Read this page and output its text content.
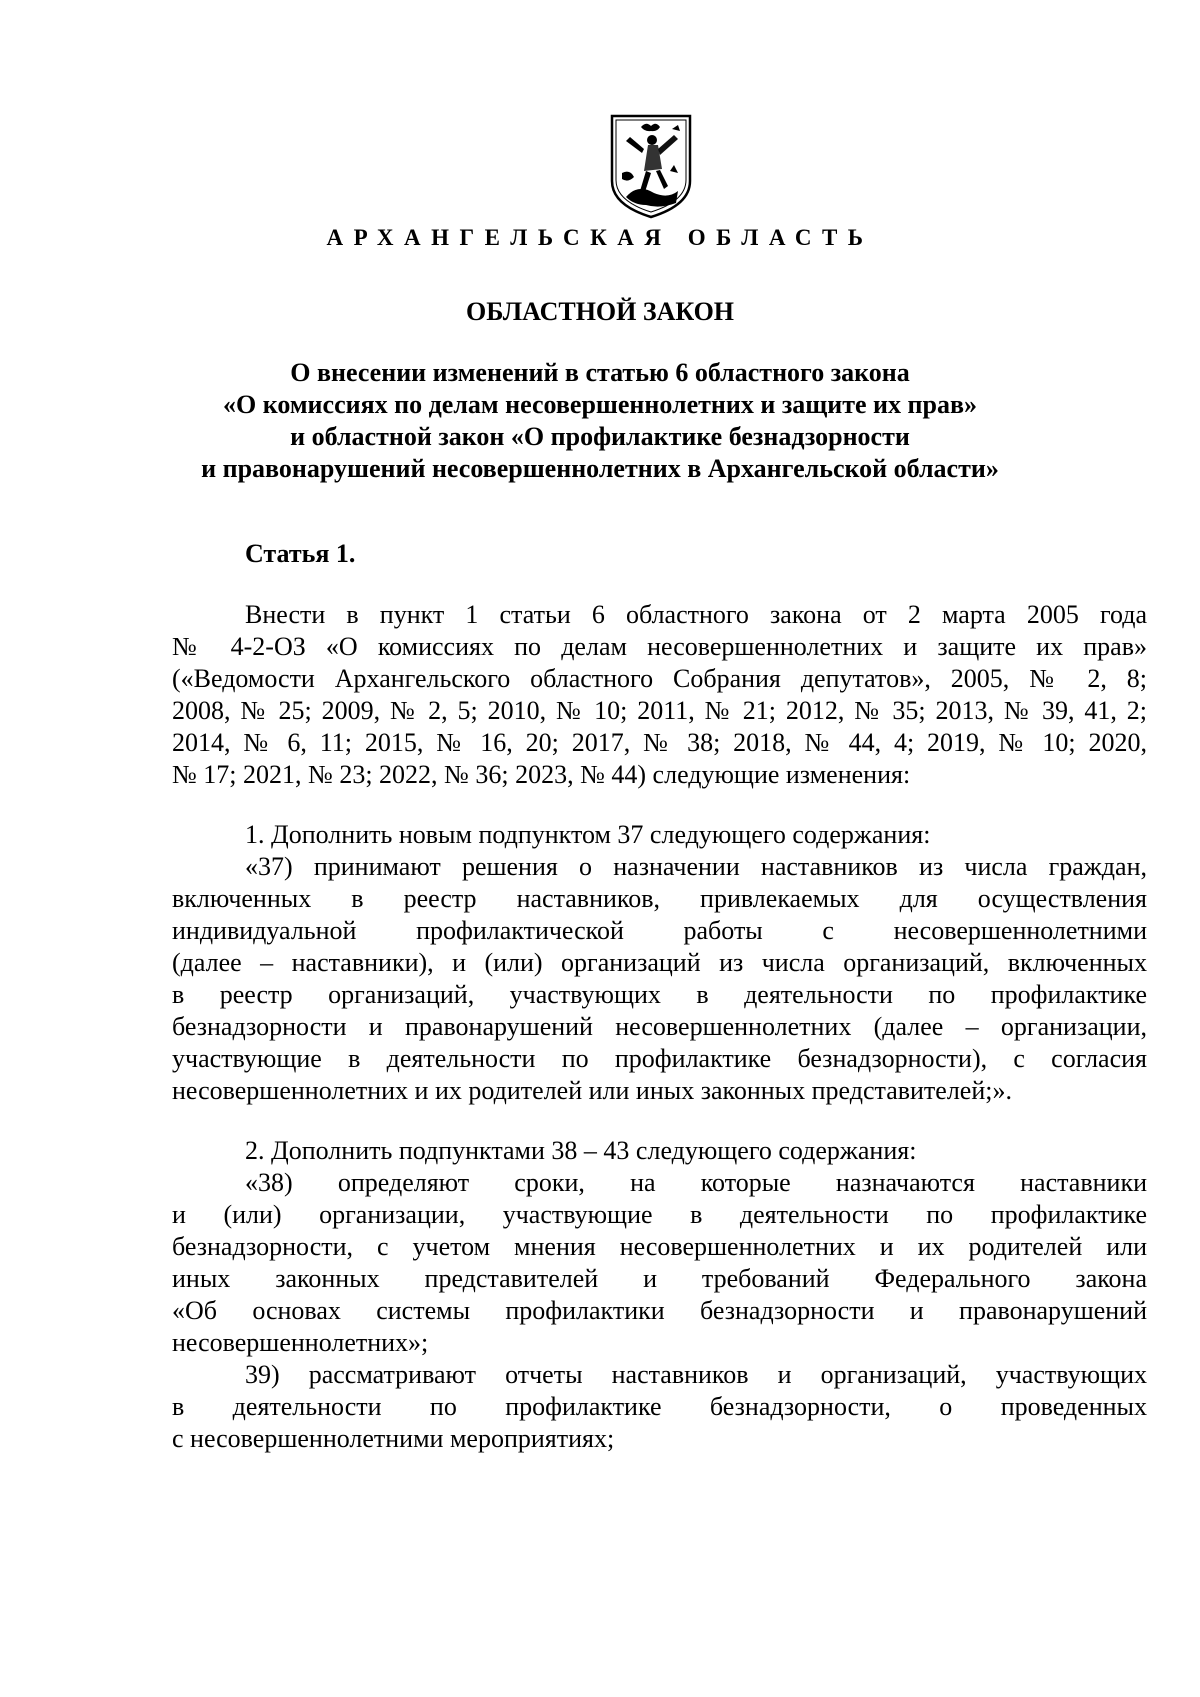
АРХАНГЕЛЬСКАЯ ОБЛАСТЬ
ОБЛАСТНОЙ ЗАКОН
О внесении изменений в статью 6 областного закона
«О комиссиях по делам несовершеннолетних и защите их прав»
и областной закон «О профилактике безнадзорности
и правонарушений несовершеннолетних в Архангельской области»
Статья 1.
Внести в пункт 1 статьи 6 областного закона от 2 марта 2005 года
№ 4-2-ОЗ «О комиссиях по делам несовершеннолетних и защите их прав»
(«Ведомости Архангельского областного Собрания депутатов», 2005, № 2, 8;
2008, № 25; 2009, № 2, 5; 2010, № 10; 2011, № 21; 2012, № 35; 2013, № 39, 41, 2;
2014, № 6, 11; 2015, № 16, 20; 2017, № 38; 2018, № 44, 4; 2019, № 10; 2020,
№ 17; 2021, № 23; 2022, № 36; 2023, № 44) следующие изменения:
1. Дополнить новым подпунктом 37 следующего содержания:
«37) принимают решения о назначении наставников из числа граждан,
включенных в реестр наставников, привлекаемых для осуществления
индивидуальной профилактической работы с несовершеннолетними
(далее – наставники), и (или) организаций из числа организаций, включенных
в реестр организаций, участвующих в деятельности по профилактике
безнадзорности и правонарушений несовершеннолетних (далее – организации,
участвующие в деятельности по профилактике безнадзорности), с согласия
несовершеннолетних и их родителей или иных законных представителей;».
2. Дополнить подпунктами 38 – 43 следующего содержания:
«38) определяют сроки, на которые назначаются наставники
и (или) организации, участвующие в деятельности по профилактике
безнадзорности, с учетом мнения несовершеннолетних и их родителей или
иных законных представителей и требований Федерального закона
«Об основах системы профилактики безнадзорности и правонарушений
несовершеннолетних»;
39) рассматривают отчеты наставников и организаций, участвующих
в деятельности по профилактике безнадзорности, о проведенных
с несовершеннолетними мероприятиях;
